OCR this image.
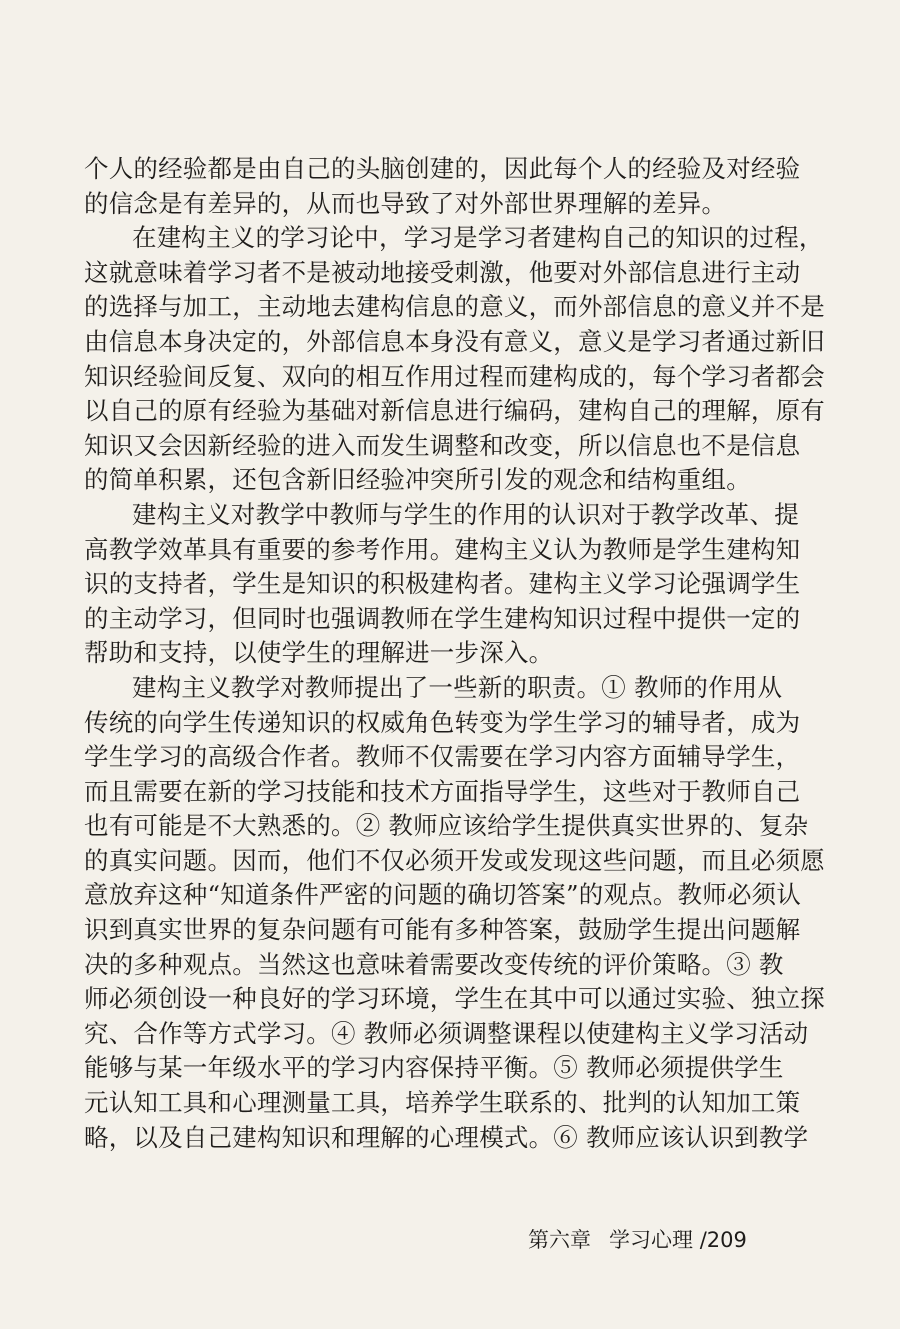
个人的经验都是由自己的头脑创建的，因此每个人的经验及对经验
的信念是有差异的，从而也导致了对外部世界理解的差异。
在建构主义的学习论中，学习是学习者建构自己的知识的过程，
这就意味着学习者不是被动地接受刺激，他要对外部信息进行主动
的选择与加工，主动地去建构信息的意义，而外部信息的意义并不是
由信息本身决定的，外部信息本身没有意义，意义是学习者通过新旧
知识经验间反复、双向的相互作用过程而建构成的，每个学习者都会
以自己的原有经验为基础对新信息进行编码，建构自己的理解，原有
知识又会因新经验的进入而发生调整和改变，所以信息也不是信息
的简单积累，还包含新旧经验冲突所引发的观念和结构重组。
建构主义对教学中教师与学生的作用的认识对于教学改革、提
高教学效革具有重要的参考作用。建构主义认为教师是学生建构知
识的支持者，学生是知识的积极建构者。建构主义学习论强调学生
的主动学习，但同时也强调教师在学生建构知识过程中提供一定的
帮助和支持，以使学生的理解进一步深入。
建构主义教学对教师提出了一些新的职责。① 教师的作用从
传统的向学生传递知识的权威角色转变为学生学习的辅导者，成为
学生学习的高级合作者。教师不仅需要在学习内容方面辅导学生，
而且需要在新的学习技能和技术方面指导学生，这些对于教师自己
也有可能是不大熟悉的。② 教师应该给学生提供真实世界的、复杂
的真实问题。因而，他们不仅必须开发或发现这些问题，而且必须愿
意放弃这种“知道条件严密的问题的确切答案”的观点。教师必须认
识到真实世界的复杂问题有可能有多种答案，鼓励学生提出问题解
决的多种观点。当然这也意味着需要改变传统的评价策略。③ 教
师必须创设一种良好的学习环境，学生在其中可以通过实验、独立探
究、合作等方式学习。④ 教师必须调整课程以使建构主义学习活动
能够与某一年级水平的学习内容保持平衡。⑤ 教师必须提供学生
元认知工具和心理测量工具，培养学生联系的、批判的认知加工策
略，以及自己建构知识和理解的心理模式。⑥ 教师应该认识到教学
第六章 学习心理 /209
